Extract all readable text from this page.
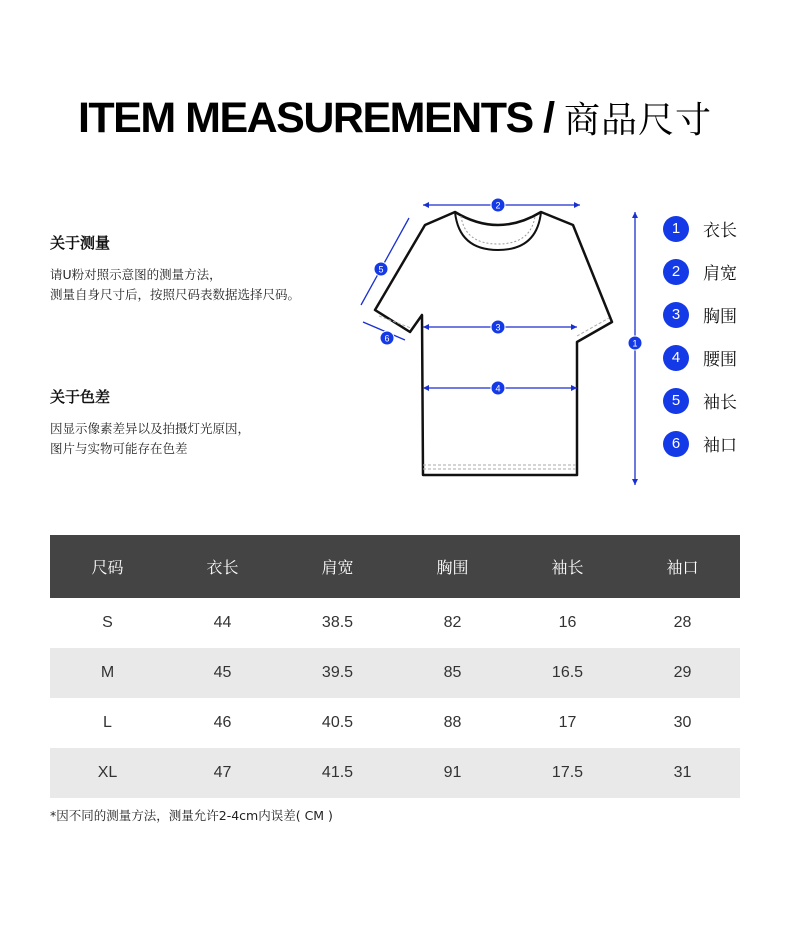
ITEM MEASUREMENTS / 商品尺寸
关于测量
请U粉对照示意图的测量方法，
测量自身尺寸后，按照尺码表数据选择尺码。
关于色差
因显示像素差异以及拍摄灯光原因，
图片与实物可能存在色差
2
3
4
1
5
6
1	衣长
2	肩宽
3	胸围
4	腰围
5	袖长
6	袖口
尺码	衣长	肩宽	胸围	袖长	袖口
S	44	38.5	82	16	28
M	45	39.5	85	16.5	29
L	46	40.5	88	17	30
XL	47	41.5	91	17.5	31
*因不同的测量方法，测量允许2-4cm内误差( CM )
